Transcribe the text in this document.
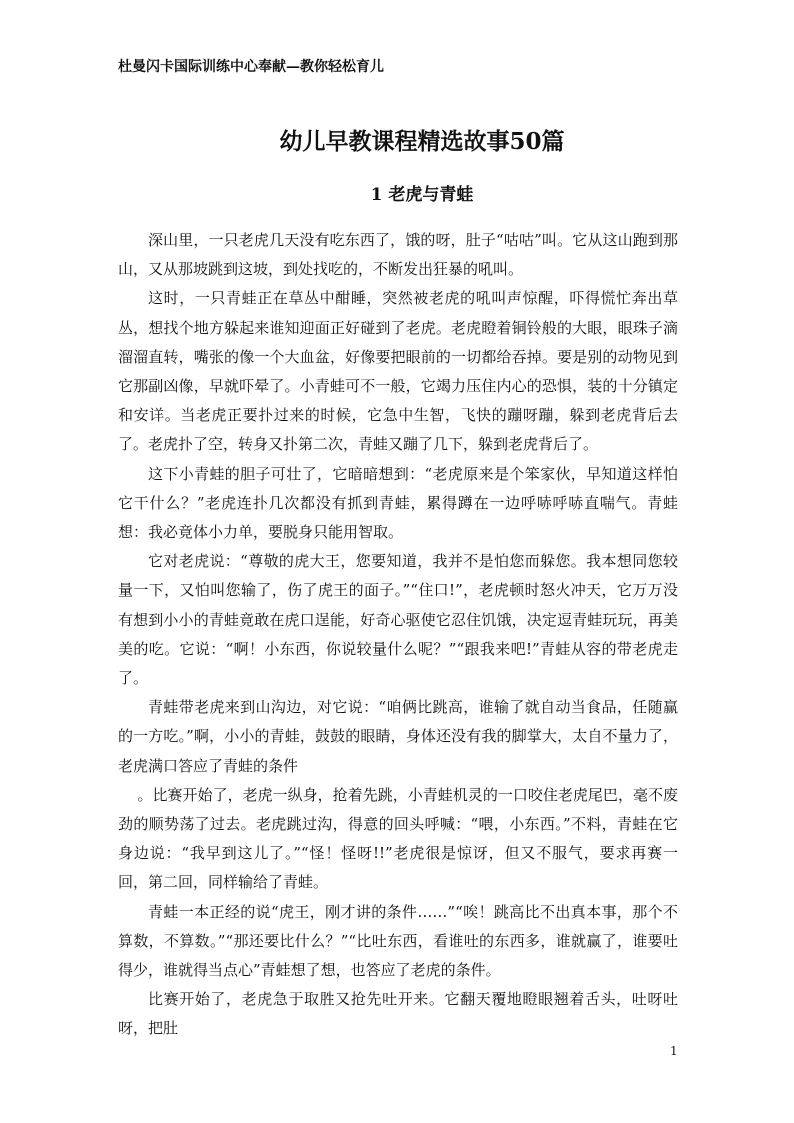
杜曼闪卡国际训练中心奉献—教你轻松育儿
幼儿早教课程精选故事50篇
1 老虎与青蛙

深山里，一只老虎几天没有吃东西了，饿的呀，肚子“咕咕”叫。它从这山跑到那山，又从那坡跳到这坡，到处找吃的，不断发出狂暴的吼叫。

这时，一只青蛙正在草丛中酣睡，突然被老虎的吼叫声惊醒，吓得慌忙奔出草丛，想找个地方躲起来谁知迎面正好碰到了老虎。老虎瞪着铜铃般的大眼，眼珠子滴溜溜直转，嘴张的像一个大血盆，好像要把眼前的一切都给吞掉。要是别的动物见到它那副凶像，早就吓晕了。小青蛙可不一般，它竭力压住内心的恐惧，装的十分镇定和安详。当老虎正要扑过来的时候，它急中生智，飞快的蹦呀蹦，躲到老虎背后去了。老虎扑了空，转身又扑第二次，青蛙又蹦了几下，躲到老虎背后了。

这下小青蛙的胆子可壮了，它暗暗想到：“老虎原来是个笨家伙，早知道这样怕它干什么？”老虎连扑几次都没有抓到青蛙，累得蹲在一边呼哧呼哧直喘气。青蛙想：我必竟体小力单，要脱身只能用智取。

它对老虎说：“尊敬的虎大王，您要知道，我并不是怕您而躲您。我本想同您较量一下，又怕叫您输了，伤了虎王的面子。”“住口!”，老虎顿时怒火冲天，它万万没有想到小小的青蛙竟敢在虎口逞能，好奇心驱使它忍住饥饿，决定逗青蛙玩玩，再美美的吃。它说：“啊！小东西，你说较量什么呢？”“跟我来吧!”青蛙从容的带老虎走了。

青蛙带老虎来到山沟边，对它说：“咱俩比跳高，谁输了就自动当食品，任随赢的一方吃。”啊，小小的青蛙，鼓鼓的眼睛，身体还没有我的脚掌大，太自不量力了，老虎满口答应了青蛙的条件

。比赛开始了，老虎一纵身，抢着先跳，小青蛙机灵的一口咬住老虎尾巴，毫不废劲的顺势荡了过去。老虎跳过沟，得意的回头呼喊：“喂，小东西。”不料，青蛙在它身边说：“我早到这儿了。”“怪！怪呀!!”老虎很是惊讶，但又不服气，要求再赛一回，第二回，同样输给了青蛙。

青蛙一本正经的说“虎王，刚才讲的条件……”“唉！跳高比不出真本事，那个不算数，不算数。”“那还要比什么？”“比吐东西，看谁吐的东西多，谁就赢了，谁要吐得少，谁就得当点心”青蛙想了想，也答应了老虎的条件。

比赛开始了，老虎急于取胜又抢先吐开来。它翻天覆地瞪眼翘着舌头，吐呀吐呀，把肚

1
